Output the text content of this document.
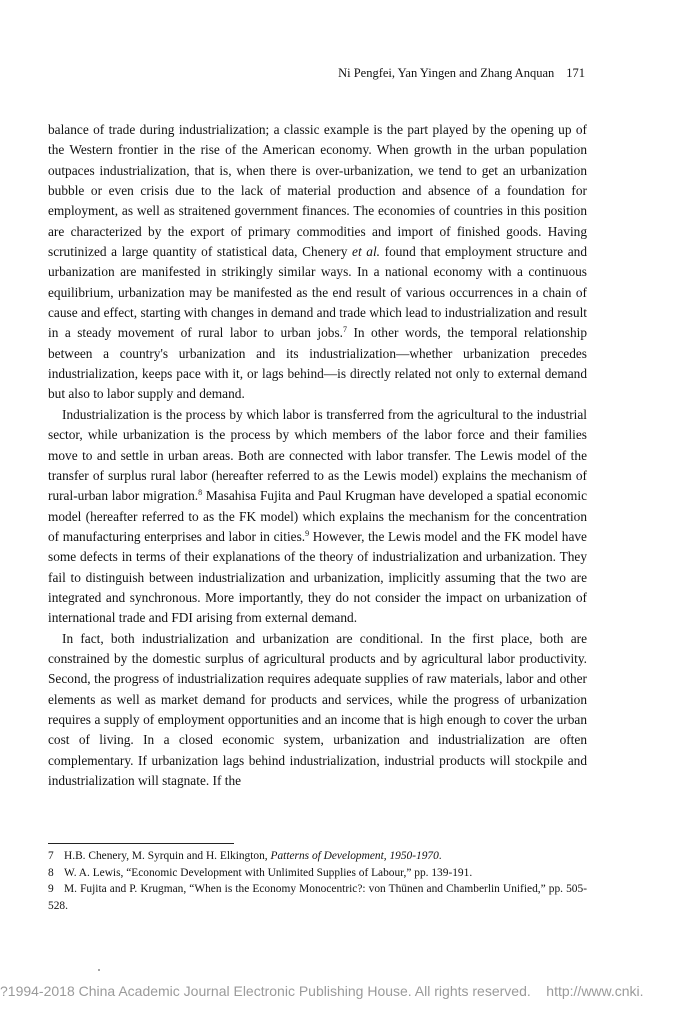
Ni Pengfei, Yan Yingen and Zhang Anquan 171

balance of trade during industrialization; a classic example is the part played by the opening up of the Western frontier in the rise of the American economy. When growth in the urban population outpaces industrialization, that is, when there is over-urbanization, we tend to get an urbanization bubble or even crisis due to the lack of material production and absence of a foundation for employment, as well as straitened government finances. The economies of countries in this position are characterized by the export of primary commodities and import of finished goods. Having scrutinized a large quantity of statistical data, Chenery et al. found that employment structure and urbanization are manifested in strikingly similar ways. In a national economy with a continuous equilibrium, urbanization may be manifested as the end result of various occurrences in a chain of cause and effect, starting with changes in demand and trade which lead to industrialization and result in a steady movement of rural labor to urban jobs.$^7$ In other words, the temporal relationship between a country's urbanization and its industrialization—whether urbanization precedes industrialization, keeps pace with it, or lags behind—is directly related not only to external demand but also to labor supply and demand.

Industrialization is the process by which labor is transferred from the agricultural to the industrial sector, while urbanization is the process by which members of the labor force and their families move to and settle in urban areas. Both are connected with labor transfer. The Lewis model of the transfer of surplus rural labor (hereafter referred to as the Lewis model) explains the mechanism of rural-urban labor migration.$^8$ Masahisa Fujita and Paul Krugman have developed a spatial economic model (hereafter referred to as the FK model) which explains the mechanism for the concentration of manufacturing enterprises and labor in cities.$^9$ However, the Lewis model and the FK model have some defects in terms of their explanations of the theory of industrialization and urbanization. They fail to distinguish between industrialization and urbanization, implicitly assuming that the two are integrated and synchronous. More importantly, they do not consider the impact on urbanization of international trade and FDI arising from external demand.

In fact, both industrialization and urbanization are conditional. In the first place, both are constrained by the domestic surplus of agricultural products and by agricultural labor productivity. Second, the progress of industrialization requires adequate supplies of raw materials, labor and other elements as well as market demand for products and services, while the progress of urbanization requires a supply of employment opportunities and an income that is high enough to cover the urban cost of living. In a closed economic system, urbanization and industrialization are often complementary. If urbanization lags behind industrialization, industrial products will stockpile and industrialization will stagnate. If the

7 H.B. Chenery, M. Syrquin and H. Elkington, Patterns of Development, 1950-1970.

8 W. A. Lewis, “Economic Development with Unlimited Supplies of Labour,” pp. 139-191.

9 M. Fujita and P. Krugman, “When is the Economy Monocentric?: von Thünen and Chamberlin Unified,” pp. 505-528.

?1994-2018 China Academic Journal Electronic Publishing House. All rights reserved.    http://www.cnki.
